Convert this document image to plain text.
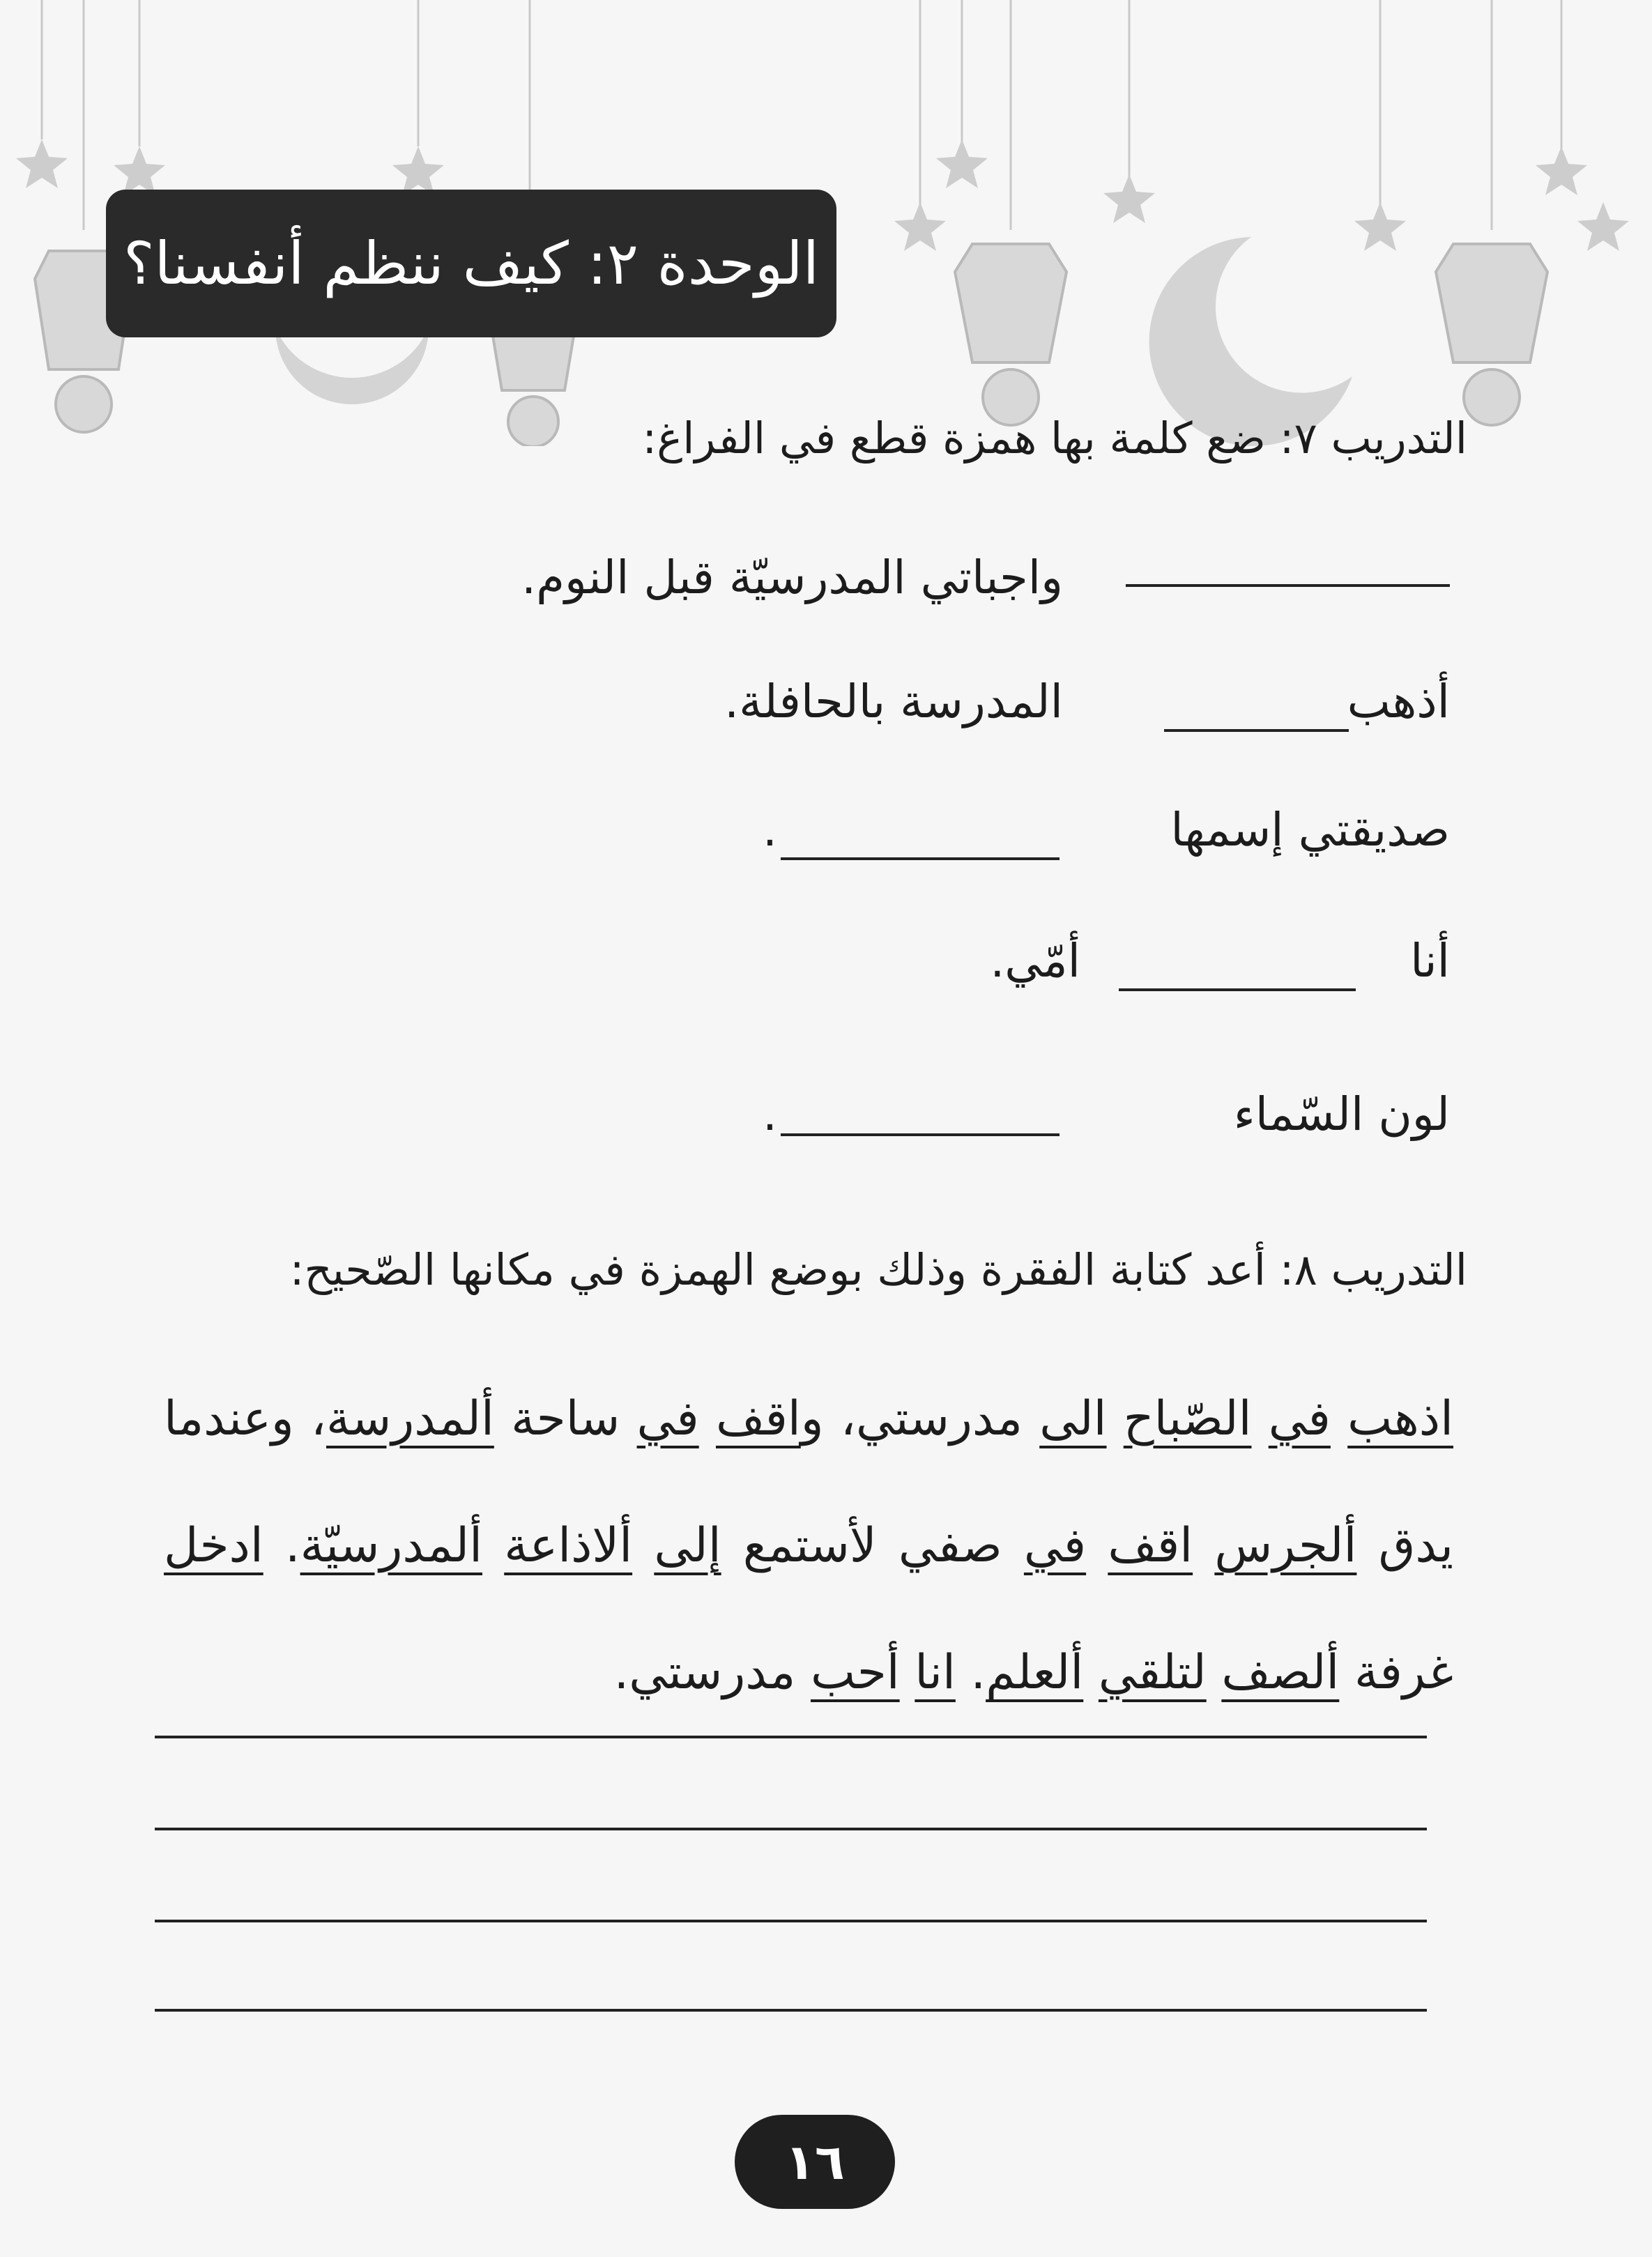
الوحدة ٢: كيف ننظم أنفسنا؟
التدريب ٧: ضع كلمة بها همزة قطع في الفراغ:
واجباتي المدرسيّة قبل النوم.
أذهب
المدرسة بالحافلة.
صديقتي إسمها
.
أنا
أمّي.
لون السّماء
.
التدريب ٨: أعد كتابة الفقرة وذلك بوضع الهمزة في مكانها الصّحيح:
اذهب في الصّباح الى مدرستي، واقف في ساحة ألمدرسة، وعندما يدق ألجرس اقف في صفي لأستمع إلى ألاذاعة ألمدرسيّة. ادخل غرفة ألصف لتلقي ألعلم. انا أحب مدرستي.
١٦
